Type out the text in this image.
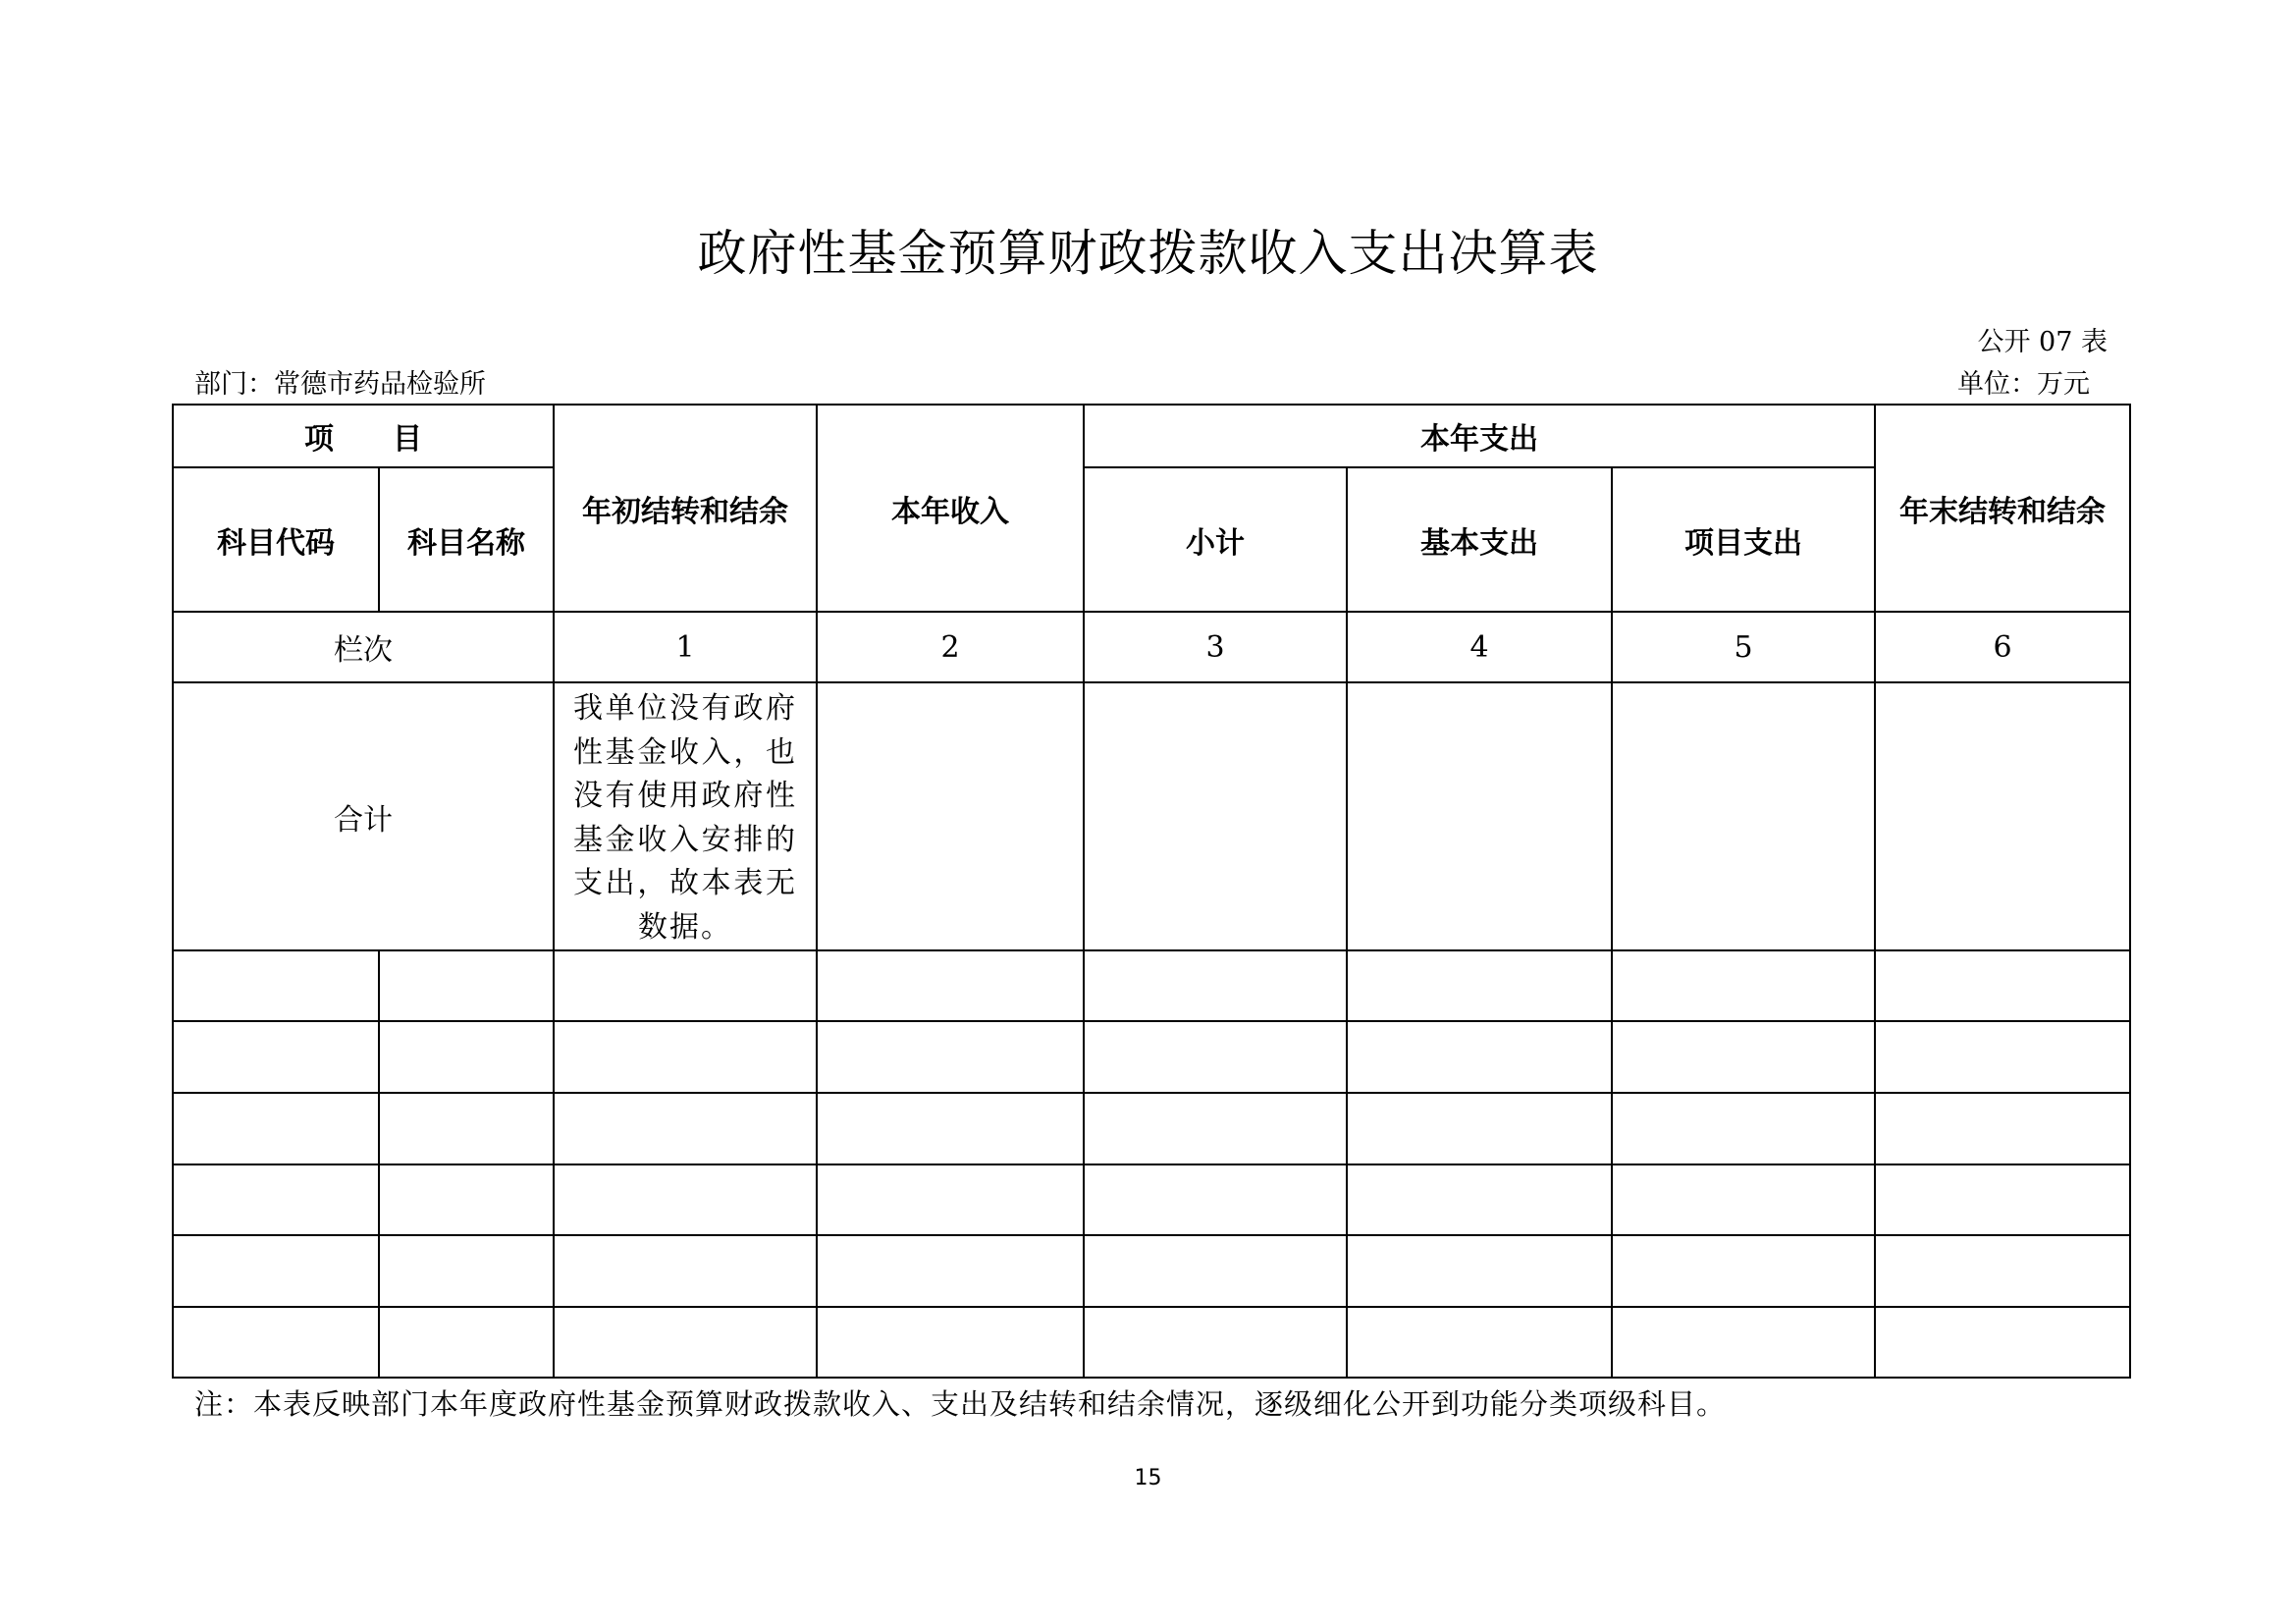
政府性基金预算财政拨款收入支出决算表
公开 07 表
部门：常德市药品检验所	单位：万元
项　　目		年初结转和结余	本年收入	本年支出			年末结转和结余
科目代码	科目名称			小计	基本支出	项目支出	
栏次		1	2	3	4	5	6
合计		我单位没有政府性基金收入，也没有使用政府性基金收入安排的支出，故本表无数据。					

注：本表反映部门本年度政府性基金预算财政拨款收入、支出及结转和结余情况，逐级细化公开到功能分类项级科目。
15
